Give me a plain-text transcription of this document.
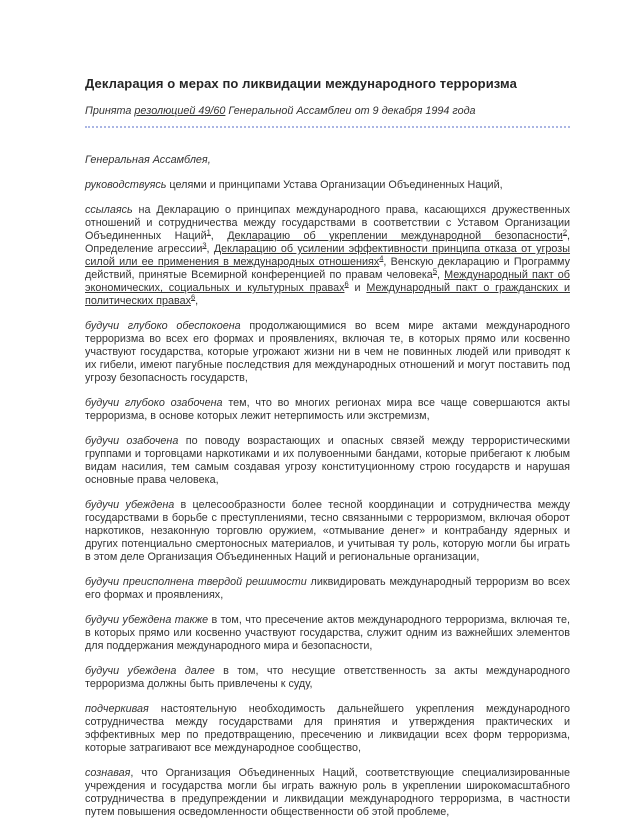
Декларация о мерах по ликвидации международного терроризма

Принята резолюцией 49/60 Генеральной Ассамблеи от 9 декабря 1994 года

Генеральная Ассамблея,

руководствуясь целями и принципами Устава Организации Объединенных Наций,

ссылаясь на Декларацию о принципах международного права, касающихся дружественных отношений и сотрудничества между государствами в соответствии с Уставом Организации Объединенных Наций$^1$, Декларацию об укреплении международной безопасности$^2$, Определение агрессии$^3$, Декларацию об усилении эффективности принципа отказа от угрозы силой или ее применения в международных отношениях$^4$, Венскую декларацию и Программу действий, принятые Всемирной конференцией по правам человека$^5$, Международный пакт об экономических, социальных и культурных правах$^6$ и Международный пакт о гражданских и политических правах$^6$,

будучи глубоко обеспокоена продолжающимися во всем мире актами международного терроризма во всех его формах и проявлениях, включая те, в которых прямо или косвенно участвуют государства, которые угрожают жизни ни в чем не повинных людей или приводят к их гибели, имеют пагубные последствия для международных отношений и могут поставить под угрозу безопасность государств,

будучи глубоко озабочена тем, что во многих регионах мира все чаще совершаются акты терроризма, в основе которых лежит нетерпимость или экстремизм,

будучи озабочена по поводу возрастающих и опасных связей между террористическими группами и торговцами наркотиками и их полувоенными бандами, которые прибегают к любым видам насилия, тем самым создавая угрозу конституционному строю государств и нарушая основные права человека,

будучи убеждена в целесообразности более тесной координации и сотрудничества между государствами в борьбе с преступлениями, тесно связанными с терроризмом, включая оборот наркотиков, незаконную торговлю оружием, «отмывание денег» и контрабанду ядерных и других потенциально смертоносных материалов, и учитывая ту роль, которую могли бы играть в этом деле Организация Объединенных Наций и региональные организации,

будучи преисполнена твердой решимости ликвидировать международный терроризм во всех его формах и проявлениях,

будучи убеждена также в том, что пресечение актов международного терроризма, включая те, в которых прямо или косвенно участвуют государства, служит одним из важнейших элементов для поддержания международного мира и безопасности,

будучи убеждена далее в том, что несущие ответственность за акты международного терроризма должны быть привлечены к суду,

подчеркивая настоятельную необходимость дальнейшего укрепления международного сотрудничества между государствами для принятия и утверждения практических и эффективных мер по предотвращению, пресечению и ликвидации всех форм терроризма, которые затрагивают все международное сообщество,

сознавая, что Организация Объединенных Наций, соответствующие специализированные учреждения и государства могли бы играть важную роль в укреплении широкомасштабного сотрудничества в предупреждении и ликвидации международного терроризма, в частности путем повышения осведомленности общественности об этой проблеме,
